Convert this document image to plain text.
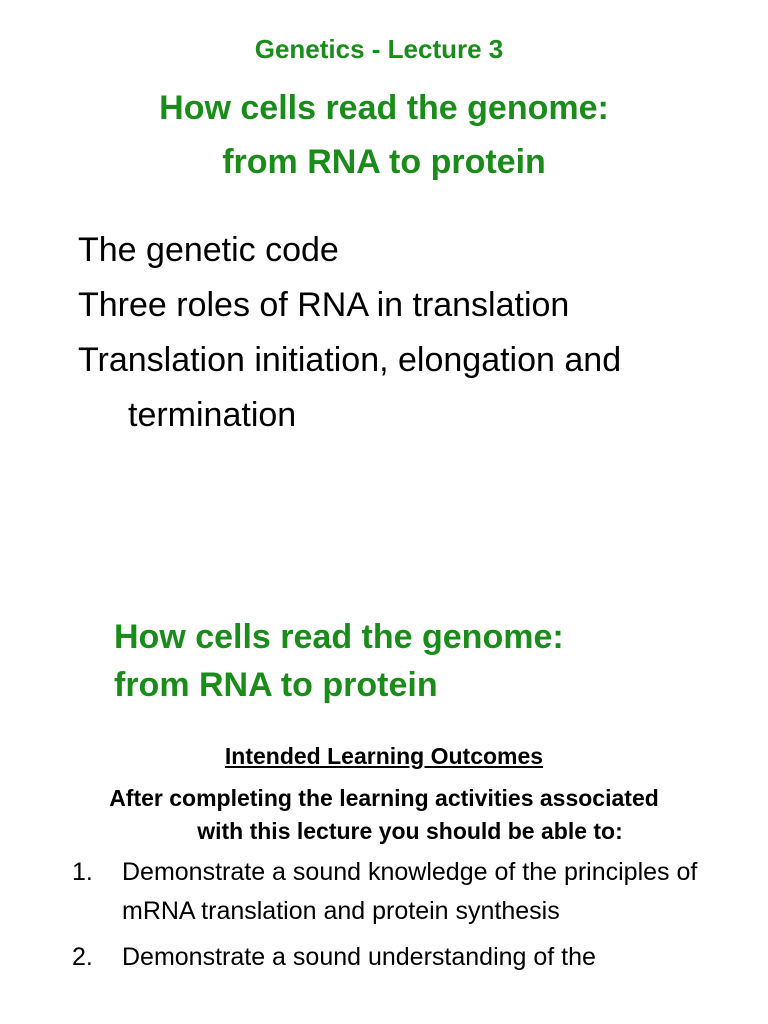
Genetics - Lecture 3
How cells read the genome:
from RNA to protein
The genetic code
Three roles of RNA in translation
Translation initiation, elongation and
termination
How cells read the genome:
from RNA to protein
Intended Learning Outcomes
After completing the learning activities associated
with this lecture you should be able to:
1. Demonstrate a sound knowledge of the principles of mRNA translation and protein synthesis
2. Demonstrate a sound understanding of the
